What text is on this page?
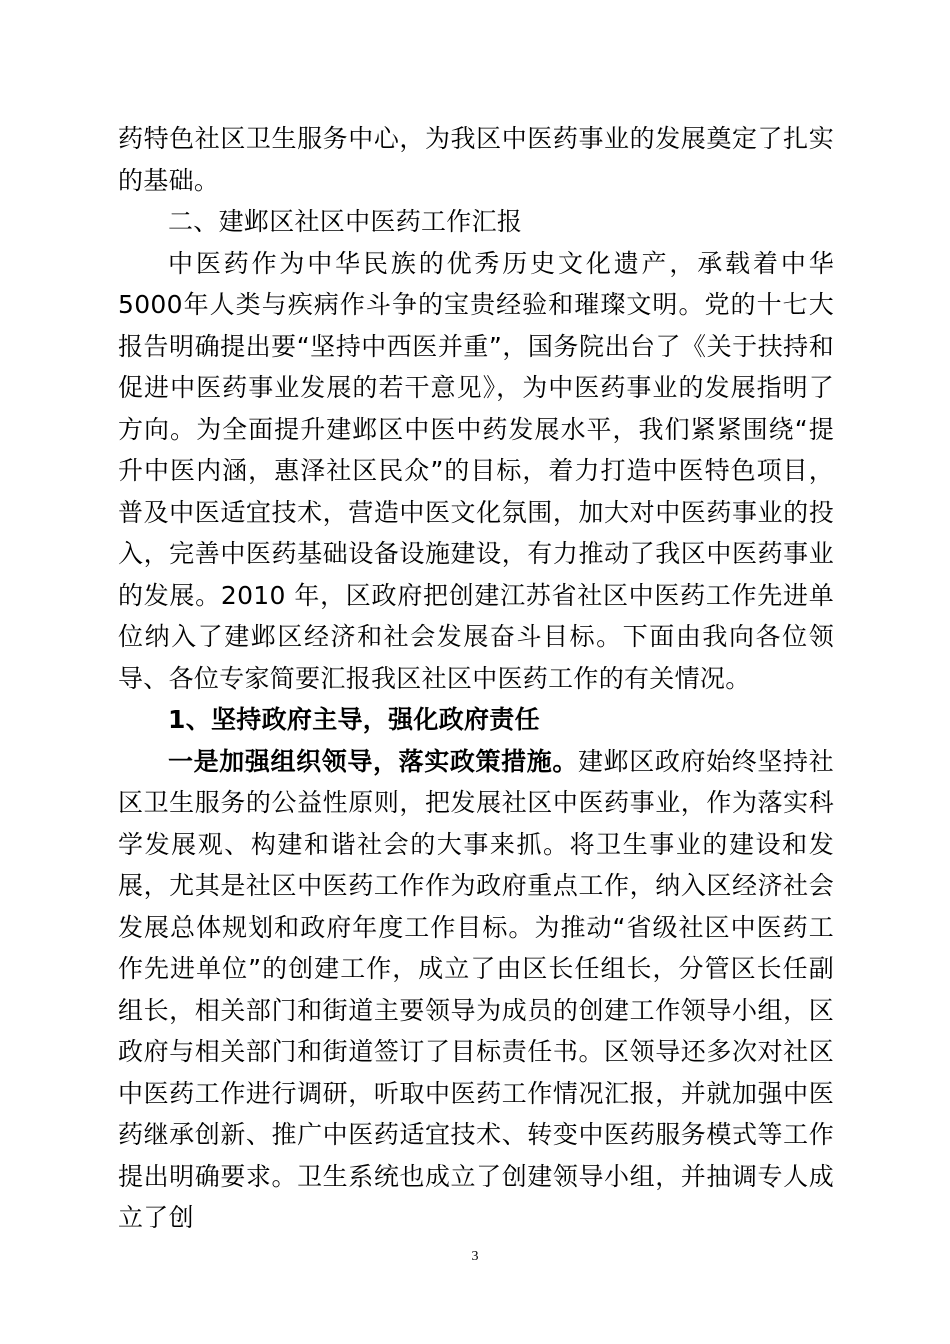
药特色社区卫生服务中心，为我区中医药事业的发展奠定了扎实的基础。

二、建邺区社区中医药工作汇报

中医药作为中华民族的优秀历史文化遗产，承载着中华5000年人类与疾病作斗争的宝贵经验和璀璨文明。党的十七大报告明确提出要“坚持中西医并重”，国务院出台了《关于扶持和促进中医药事业发展的若干意见》，为中医药事业的发展指明了方向。为全面提升建邺区中医中药发展水平，我们紧紧围绕“提升中医内涵，惠泽社区民众”的目标，着力打造中医特色项目，普及中医适宜技术，营造中医文化氛围，加大对中医药事业的投入，完善中医药基础设备设施建设，有力推动了我区中医药事业的发展。2010 年，区政府把创建江苏省社区中医药工作先进单位纳入了建邺区经济和社会发展奋斗目标。下面由我向各位领导、各位专家简要汇报我区社区中医药工作的有关情况。

1、坚持政府主导，强化政府责任

一是加强组织领导，落实政策措施。建邺区政府始终坚持社区卫生服务的公益性原则，把发展社区中医药事业，作为落实科学发展观、构建和谐社会的大事来抓。将卫生事业的建设和发展，尤其是社区中医药工作作为政府重点工作，纳入区经济社会发展总体规划和政府年度工作目标。为推动“省级社区中医药工作先进单位”的创建工作，成立了由区长任组长，分管区长任副组长，相关部门和街道主要领导为成员的创建工作领导小组，区政府与相关部门和街道签订了目标责任书。区领导还多次对社区中医药工作进行调研，听取中医药工作情况汇报，并就加强中医药继承创新、推广中医药适宜技术、转变中医药服务模式等工作提出明确要求。卫生系统也成立了创建领导小组，并抽调专人成立了创

3
